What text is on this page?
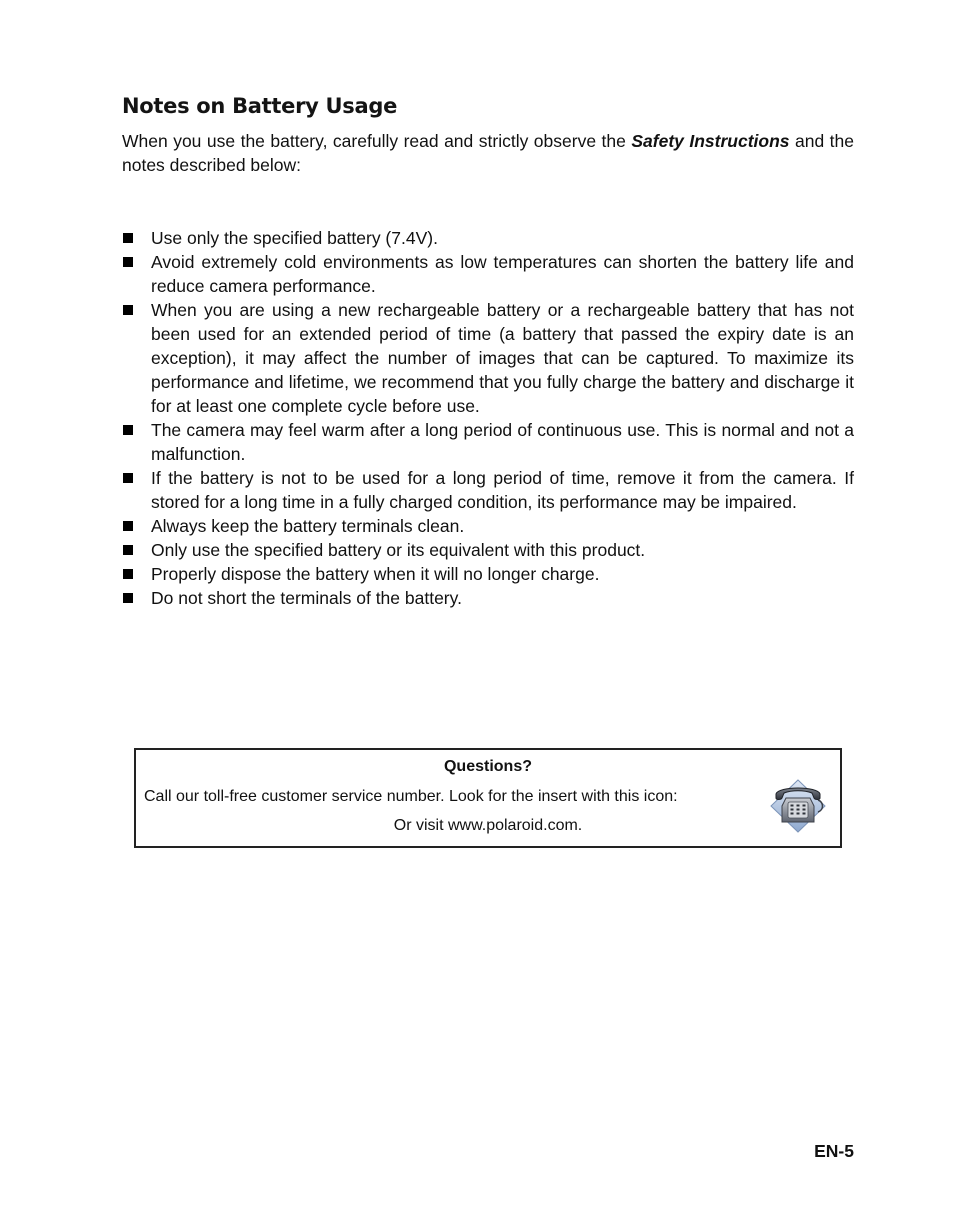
Notes on Battery Usage

When you use the battery, carefully read and strictly observe the Safety Instructions and the notes described below:

Use only the specified battery (7.4V).
Avoid extremely cold environments as low temperatures can shorten the battery life and reduce camera performance.
When you are using a new rechargeable battery or a rechargeable battery that has not been used for an extended period of time (a battery that passed the expiry date is an exception), it may affect the number of images that can be captured. To maximize its performance and lifetime, we recommend that you fully charge the battery and discharge it for at least one complete cycle before use.
The camera may feel warm after a long period of continuous use. This is normal and not a malfunction.
If the battery is not to be used for a long period of time, remove it from the camera. If stored for a long time in a fully charged condition, its performance may be impaired.
Always keep the battery terminals clean.
Only use the specified battery or its equivalent with this product.
Properly dispose the battery when it will no longer charge.
Do not short the terminals of the battery.
Questions?
Call our toll-free customer service number. Look for the insert with this icon:
Or visit www.polaroid.com.
EN-5
